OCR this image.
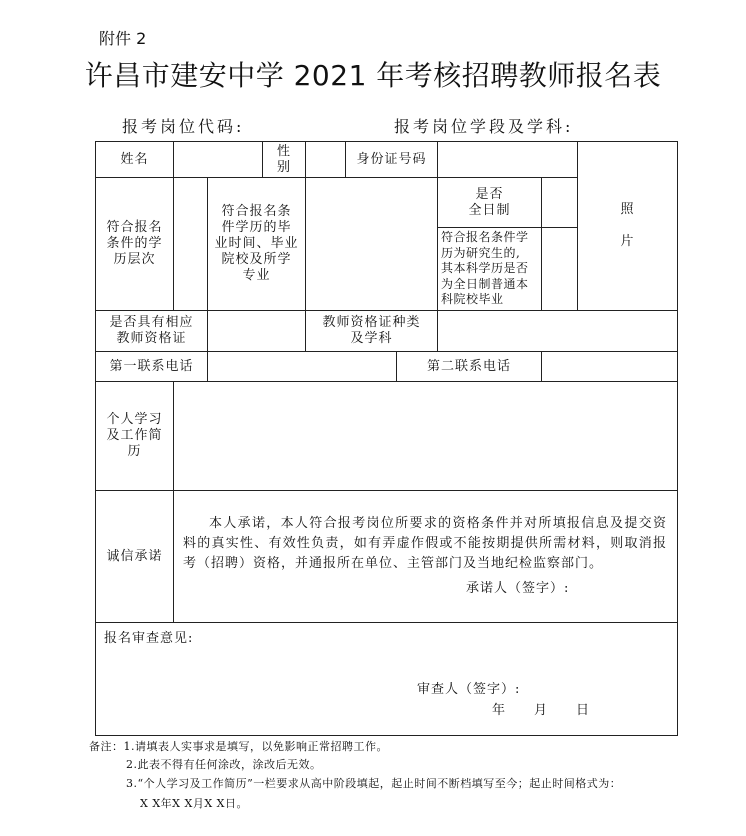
附件 2
许昌市建安中学 2021 年考核招聘教师报名表
报考岗位代码:	报考岗位学段及学科:
姓名
性
别
身份证号码
照

片
符合报名
条件的学
历层次
符合报名条
件学历的毕
业时间、毕业
院校及所学
专业
是否
全日制
符合报名条件学
历为研究生的,
其本科学历是否
为全日制普通本
科院校毕业
是否具有相应
教师资格证
教师资格证种类
及学科
第一联系电话	第二联系电话
个人学习
及工作简
历
诚信承诺
本人承诺，本人符合报考岗位所要求的资格条件并对所填报信息及提交资料的真实性、有效性负责，如有弄虚作假或不能按期提供所需材料，则取消报考（招聘）资格，并通报所在单位、主管部门及当地纪检监察部门。
承诺人（签字）:
报名审查意见:
审查人（签字）:
年　　月　　日
备注：1.请填表人实事求是填写，以免影响正常招聘工作。
2.此表不得有任何涂改，涂改后无效。
3.“个人学习及工作简历”一栏要求从高中阶段填起，起止时间不断档填写至今；起止时间格式为：
X X年X X月X X日。
